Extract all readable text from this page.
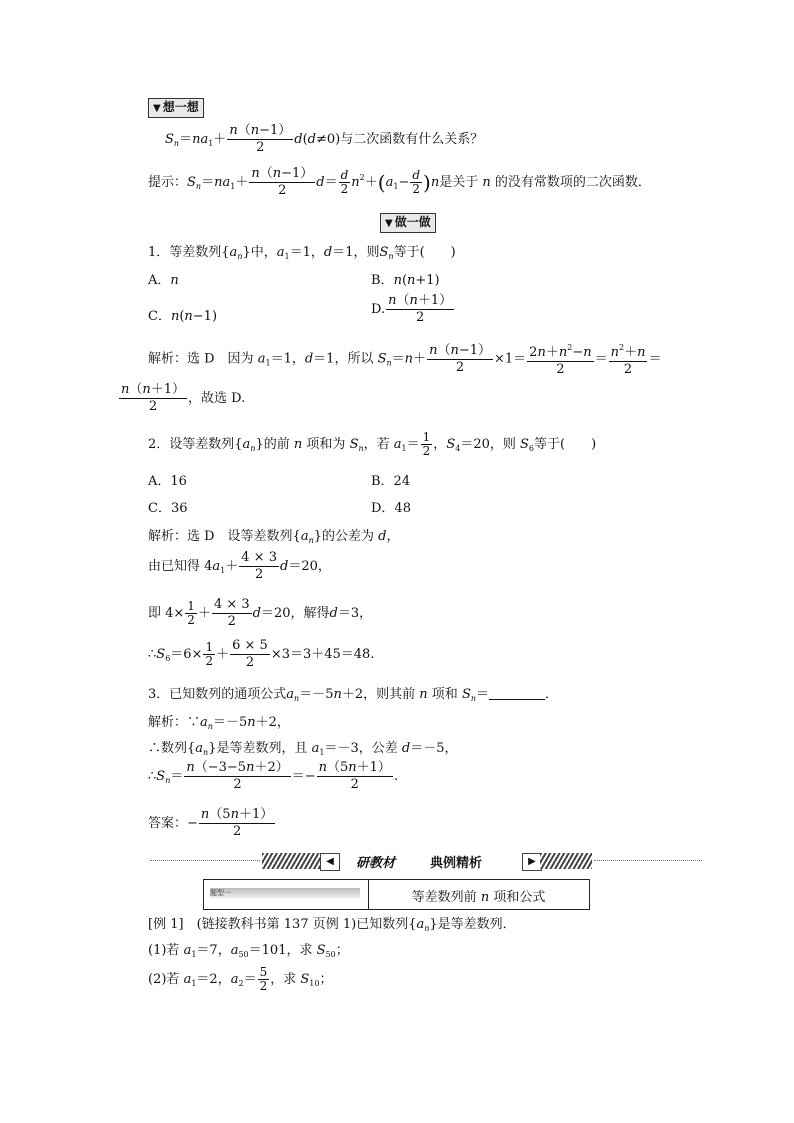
▼ 想一想
$S_n=na_1+ \frac{n(n-1)}{2} d(d\ne 0)$与二次函数有什么关系？
提示：$S_n=na_1+ \frac{n(n-1)}{2} d= \frac{d}{2} n^2+(a_1- \frac{d}{2} )n$是关于 n 的没有常数项的二次函数．
▼ 做一做
1．等差数列$\{a_n\}$中，$a_1=1$，d＝1，则$S_n$等于(　　)
A．n	B．n(n+1)
C．n(n−1)	D. $\frac{n(n+1)}{2}$
解析：选 D　因为 $a_1=1$，d＝1，所以 $S_n=n+ \frac{n(n-1)}{2} \times 1= \frac{2n+n^2-n}{2} = \frac{n^2+n}{2}$ ＝
$\frac{n(n+1)}{2}$ ，故选 D.
2．设等差数列$\{a_n\}$的前 n 项和为 $S_n$，若 $a_1= \frac{1}{2}$ ，$S_4=20$，则 $S_6$等于(　　)
A．16	B．24
C．36	D．48
解析：选 D　设等差数列$\{a_n\}$的公差为 d，
由已知得 $4a_1+ \frac{4 \times 3}{2} d=20$，
即 $4\times \frac{1}{2} + \frac{4 \times 3}{2} d=20$，解得d＝3，
$\therefore S_6=6\times \frac{1}{2} + \frac{6 \times 5}{2} \times 3=3+45=48$.
3．已知数列的通项公式$a_n=-5n+2$，则其前 n 项和 $S_n=$	．
解析：$\because a_n=-5n+2$，
∴数列$\{a_n\}$是等差数列，且 $a_1=-3$，公差 d＝－5，
$\therefore S_n= \frac{n(-3-5n+2)}{2} =- \frac{n(5n+1)}{2}$ .
答案：− $\frac{n(5n+1)}{2}$
◀	研教材	典例精析	▶
题型一	等差数列前 n 项和公式
[例 1]　 (链接教科书第 137 页例 1)已知数列$\{a_n\}$是等差数列．
(1)若 $a_1=7$，$a_{50}=101$，求 $S_{50}$；
(2)若 $a_1=2$，$a_2= \frac{5}{2}$ ，求 $S_{10}$；
